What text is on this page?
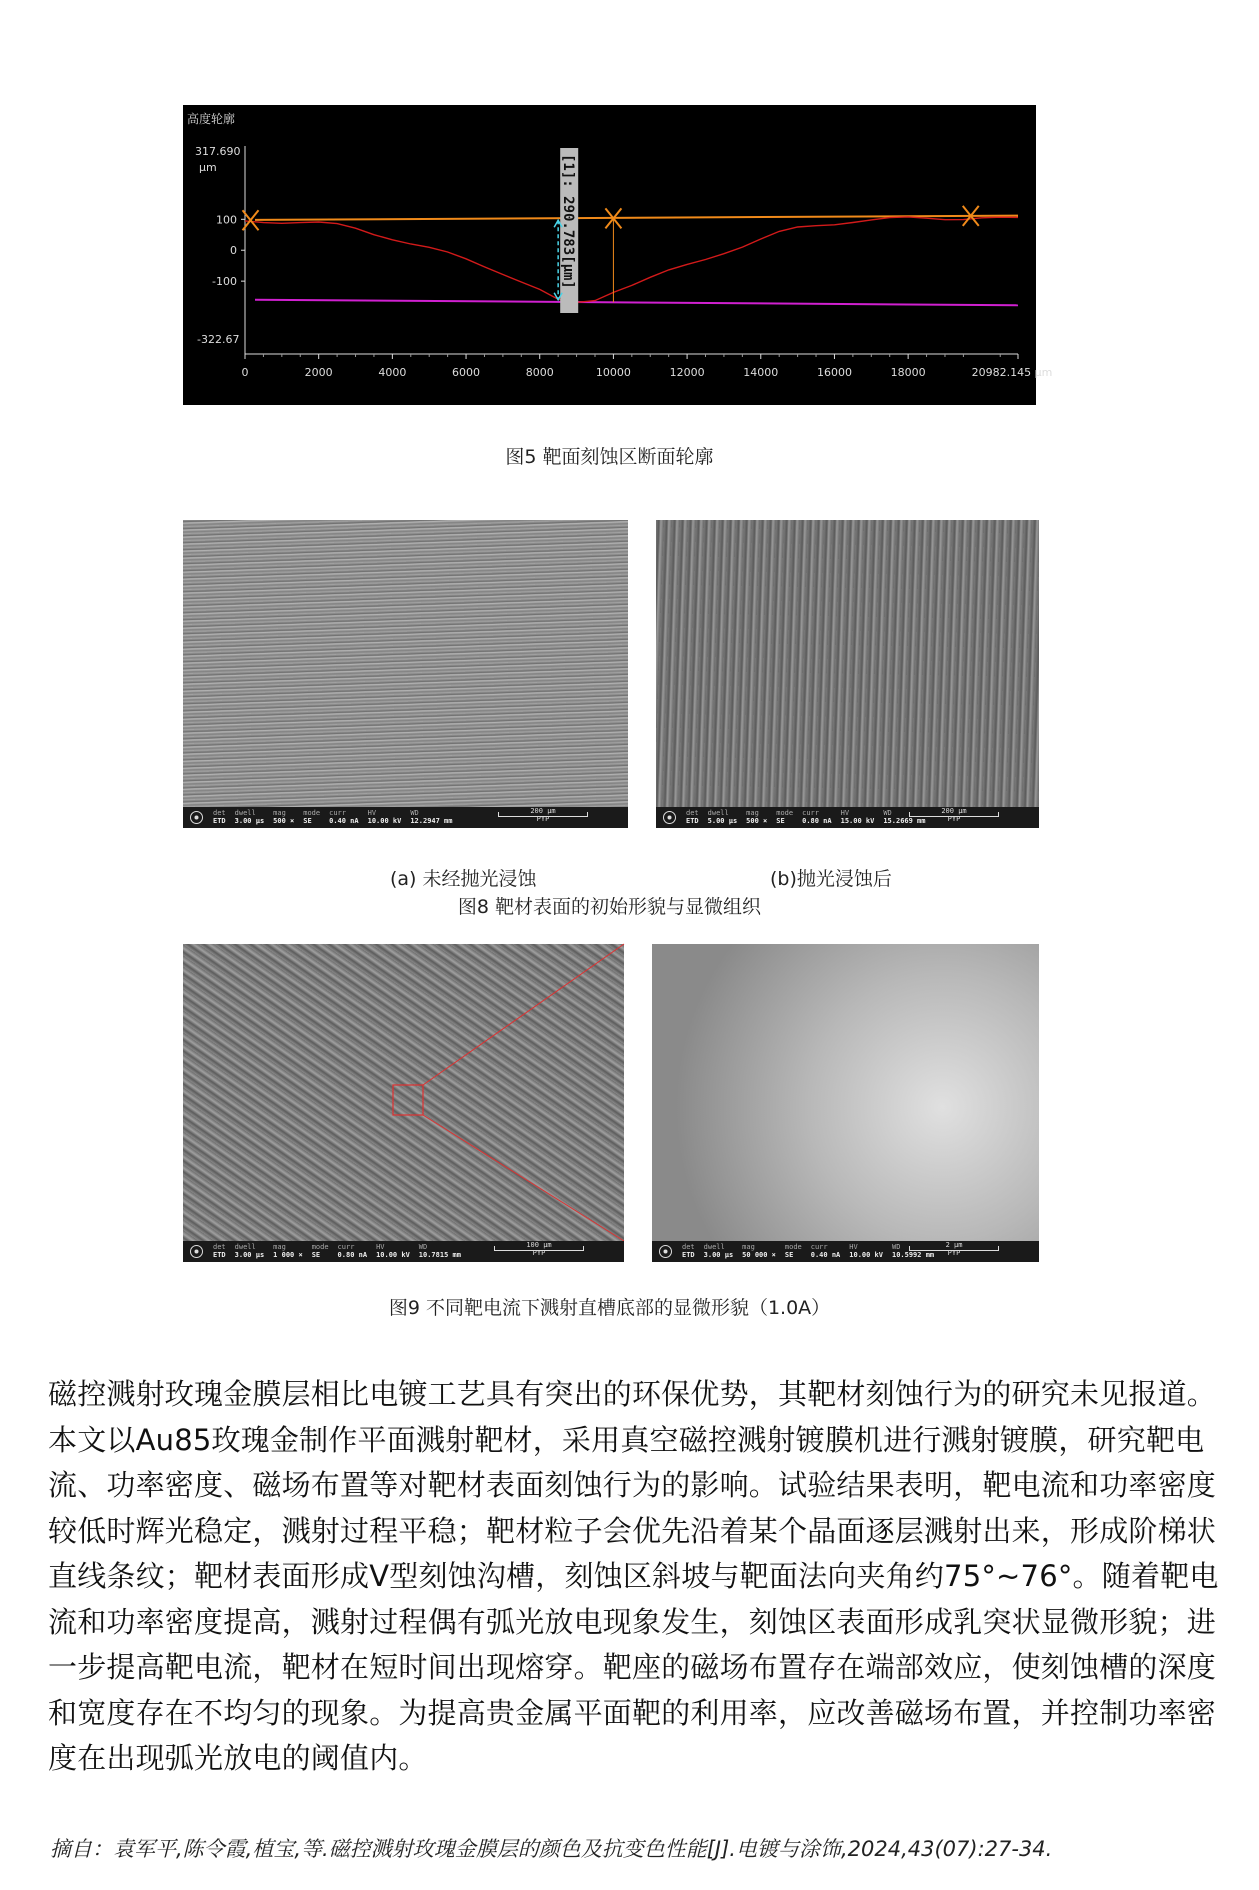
高度轮廓
317.690
µm
-322.67
100
0
-100
0	2000	4000	6000	8000	10000	12000	14000	16000	18000	20982.145 µm
[1]: 290.783[µm]
图5 靶面刻蚀区断面轮廓
det
ETD
dwell
3.00 µs
mag
500 ×
mode
SE
curr
0.40 nA
HV
10.00 kV
WD
12.2947 mm
200 µm
PYP
det
ETD
dwell
5.00 µs
mag
500 ×
mode
SE
curr
0.80 nA
HV
15.00 kV
WD
15.2669 mm
200 µm
PYP
(a) 未经抛光浸蚀	(b)抛光浸蚀后
图8 靶材表面的初始形貌与显微组织
det
ETD
dwell
3.00 µs
mag
1 000 ×
mode
SE
curr
0.80 nA
HV
10.00 kV
WD
10.7815 mm
100 µm
PYP
det
ETD
dwell
3.00 µs
mag
50 000 ×
mode
SE
curr
0.40 nA
HV
10.00 kV
WD
10.5992 mm
2 µm
PYP
图9 不同靶电流下溅射直槽底部的显微形貌（1.0A）
磁控溅射玫瑰金膜层相比电镀工艺具有突出的环保优势，其靶材刻蚀行为的研究未见报道。本文以Au85玫瑰金制作平面溅射靶材，采用真空磁控溅射镀膜机进行溅射镀膜，研究靶电流、功率密度、磁场布置等对靶材表面刻蚀行为的影响。试验结果表明，靶电流和功率密度较低时辉光稳定，溅射过程平稳；靶材粒子会优先沿着某个晶面逐层溅射出来，形成阶梯状直线条纹；靶材表面形成V型刻蚀沟槽，刻蚀区斜坡与靶面法向夹角约75°~76°。随着靶电流和功率密度提高，溅射过程偶有弧光放电现象发生，刻蚀区表面形成乳突状显微形貌；进一步提高靶电流，靶材在短时间出现熔穿。靶座的磁场布置存在端部效应，使刻蚀槽的深度和宽度存在不均匀的现象。为提高贵金属平面靶的利用率，应改善磁场布置，并控制功率密度在出现弧光放电的阈值内。
摘自：袁军平,陈令霞,植宝,等.磁控溅射玫瑰金膜层的颜色及抗变色性能[J].电镀与涂饰,2024,43(07):27-34.
